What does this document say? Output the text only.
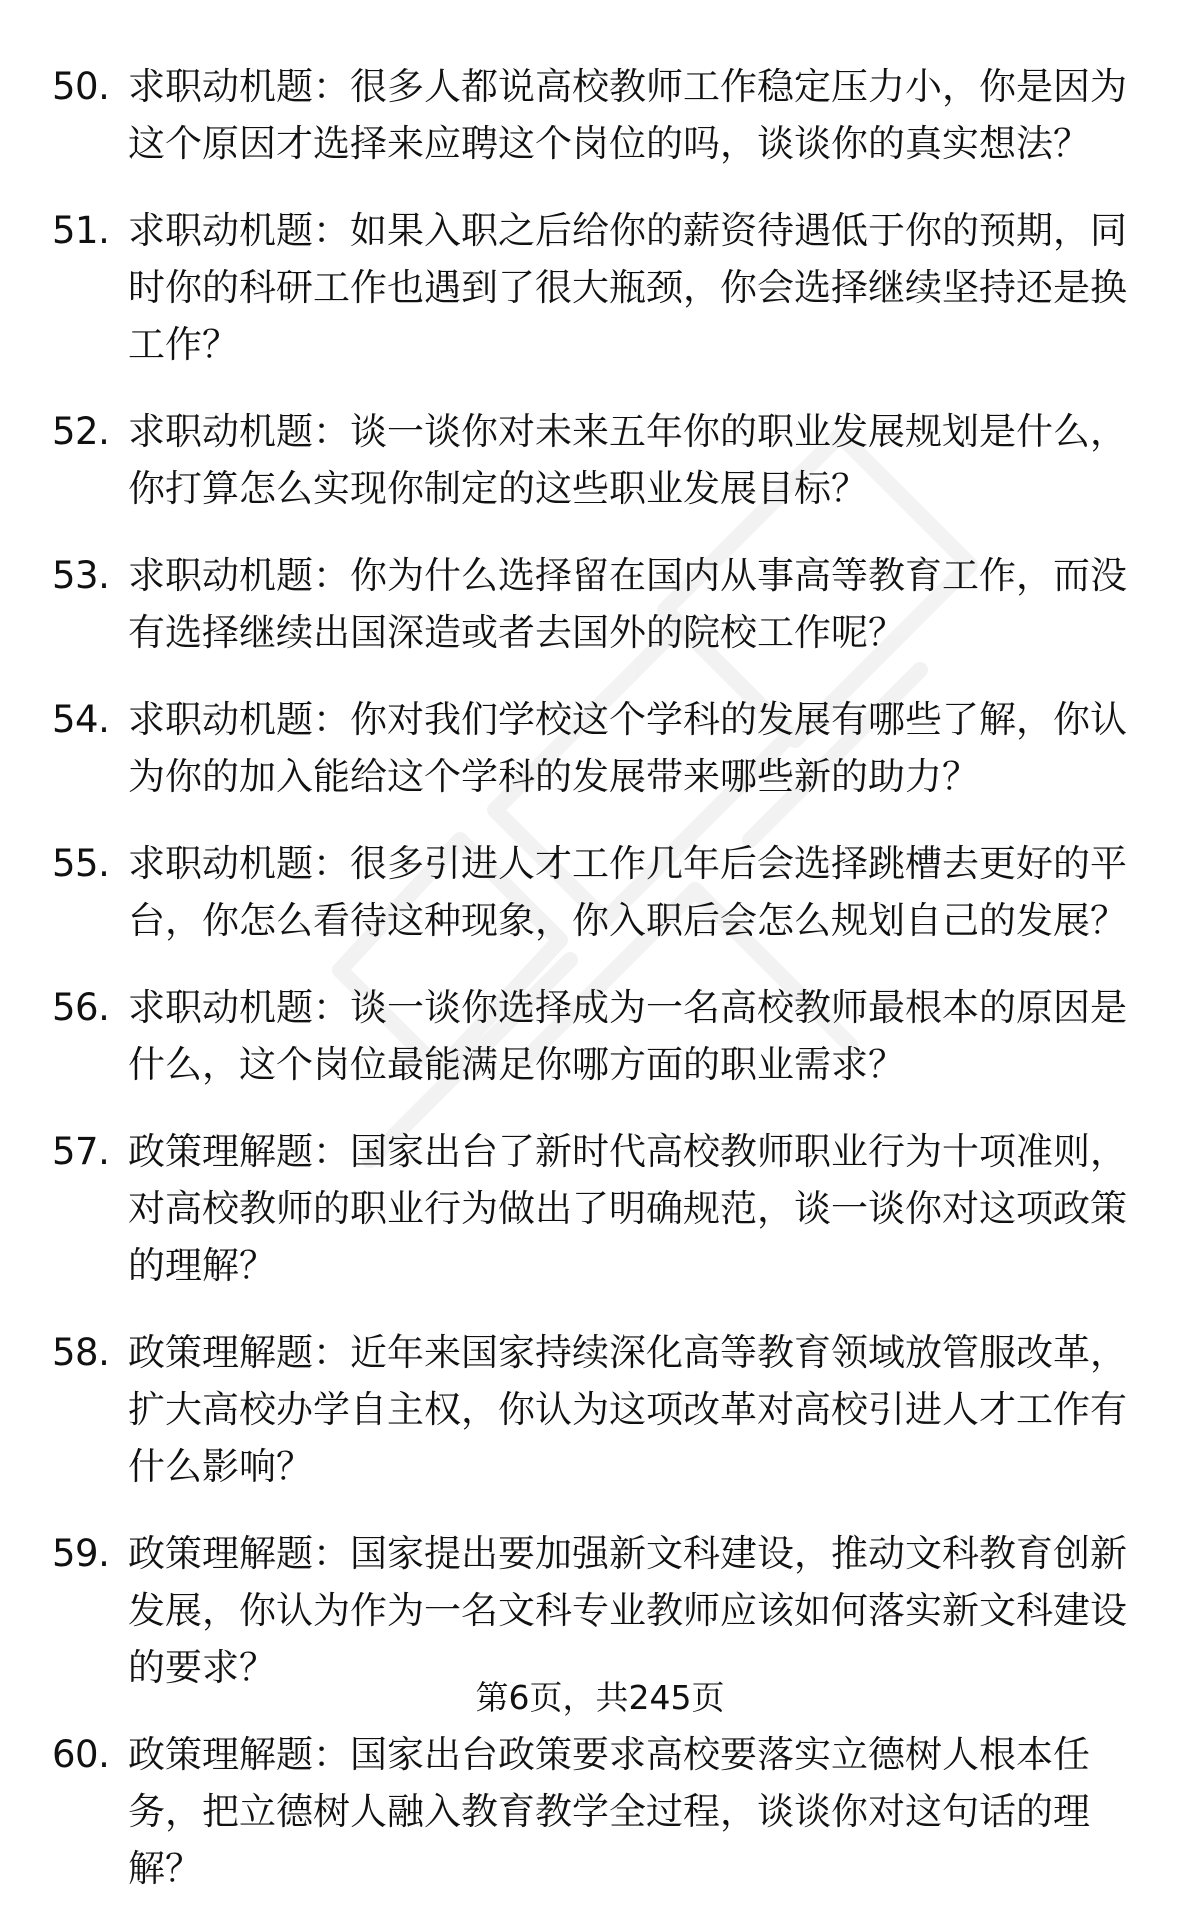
50. 求职动机题：很多人都说高校教师工作稳定压力小，你是因为这个原因才选择来应聘这个岗位的吗，谈谈你的真实想法？
51. 求职动机题：如果入职之后给你的薪资待遇低于你的预期，同时你的科研工作也遇到了很大瓶颈，你会选择继续坚持还是换工作？
52. 求职动机题：谈一谈你对未来五年你的职业发展规划是什么，你打算怎么实现你制定的这些职业发展目标？
53. 求职动机题：你为什么选择留在国内从事高等教育工作，而没有选择继续出国深造或者去国外的院校工作呢？
54. 求职动机题：你对我们学校这个学科的发展有哪些了解，你认为你的加入能给这个学科的发展带来哪些新的助力？
55. 求职动机题：很多引进人才工作几年后会选择跳槽去更好的平台，你怎么看待这种现象，你入职后会怎么规划自己的发展？
56. 求职动机题：谈一谈你选择成为一名高校教师最根本的原因是什么，这个岗位最能满足你哪方面的职业需求？
57. 政策理解题：国家出台了新时代高校教师职业行为十项准则，对高校教师的职业行为做出了明确规范，谈一谈你对这项政策的理解？
58. 政策理解题：近年来国家持续深化高等教育领域放管服改革，扩大高校办学自主权，你认为这项改革对高校引进人才工作有什么影响？
59. 政策理解题：国家提出要加强新文科建设，推动文科教育创新发展，你认为作为一名文科专业教师应该如何落实新文科建设的要求？
60. 政策理解题：国家出台政策要求高校要落实立德树人根本任务，把立德树人融入教育教学全过程，谈谈你对这句话的理解？
第6页，共245页
